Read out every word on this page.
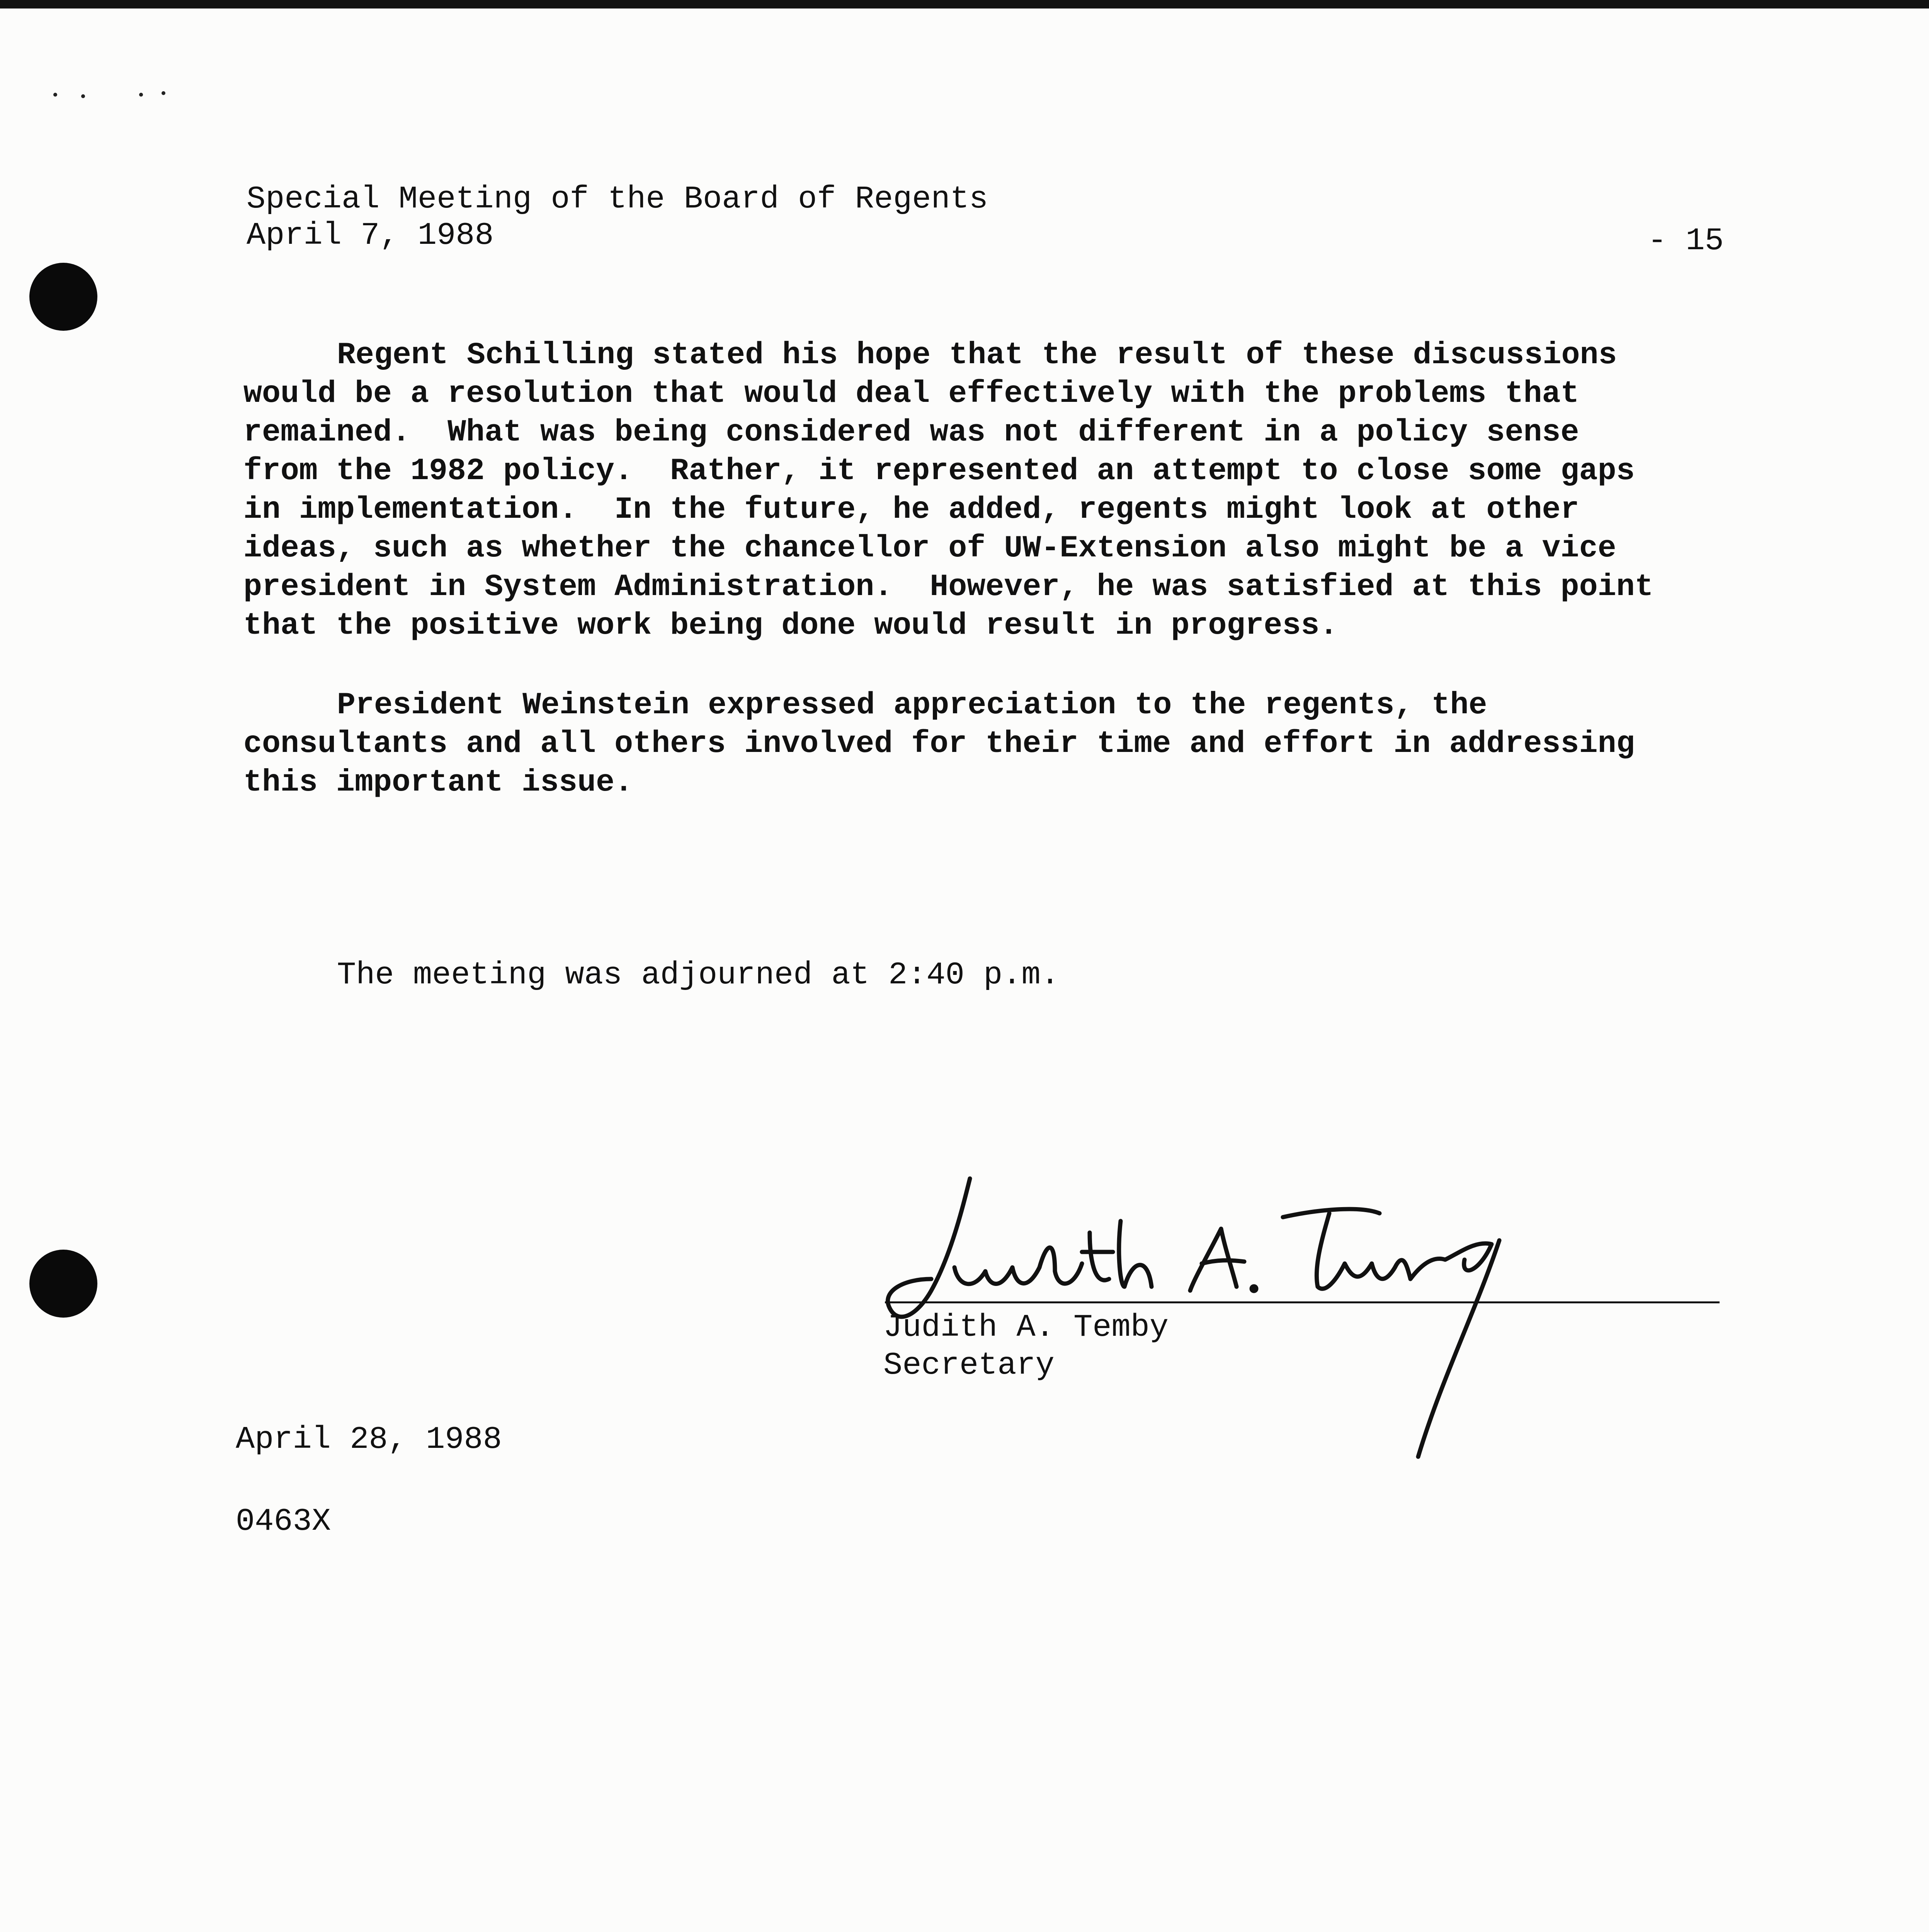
Special Meeting of the Board of Regents
April 7, 1988	- 15
Regent Schilling stated his hope that the result of these discussions
would be a resolution that would deal effectively with the problems that
remained.  What was being considered was not different in a policy sense
from the 1982 policy.  Rather, it represented an attempt to close some gaps
in implementation.  In the future, he added, regents might look at other
ideas, such as whether the chancellor of UW-Extension also might be a vice
president in System Administration.  However, he was satisfied at this point
that the positive work being done would result in progress.
President Weinstein expressed appreciation to the regents, the
consultants and all others involved for their time and effort in addressing
this important issue.
The meeting was adjourned at 2:40 p.m.
Judith A. Temby
Secretary
April 28, 1988
0463X
